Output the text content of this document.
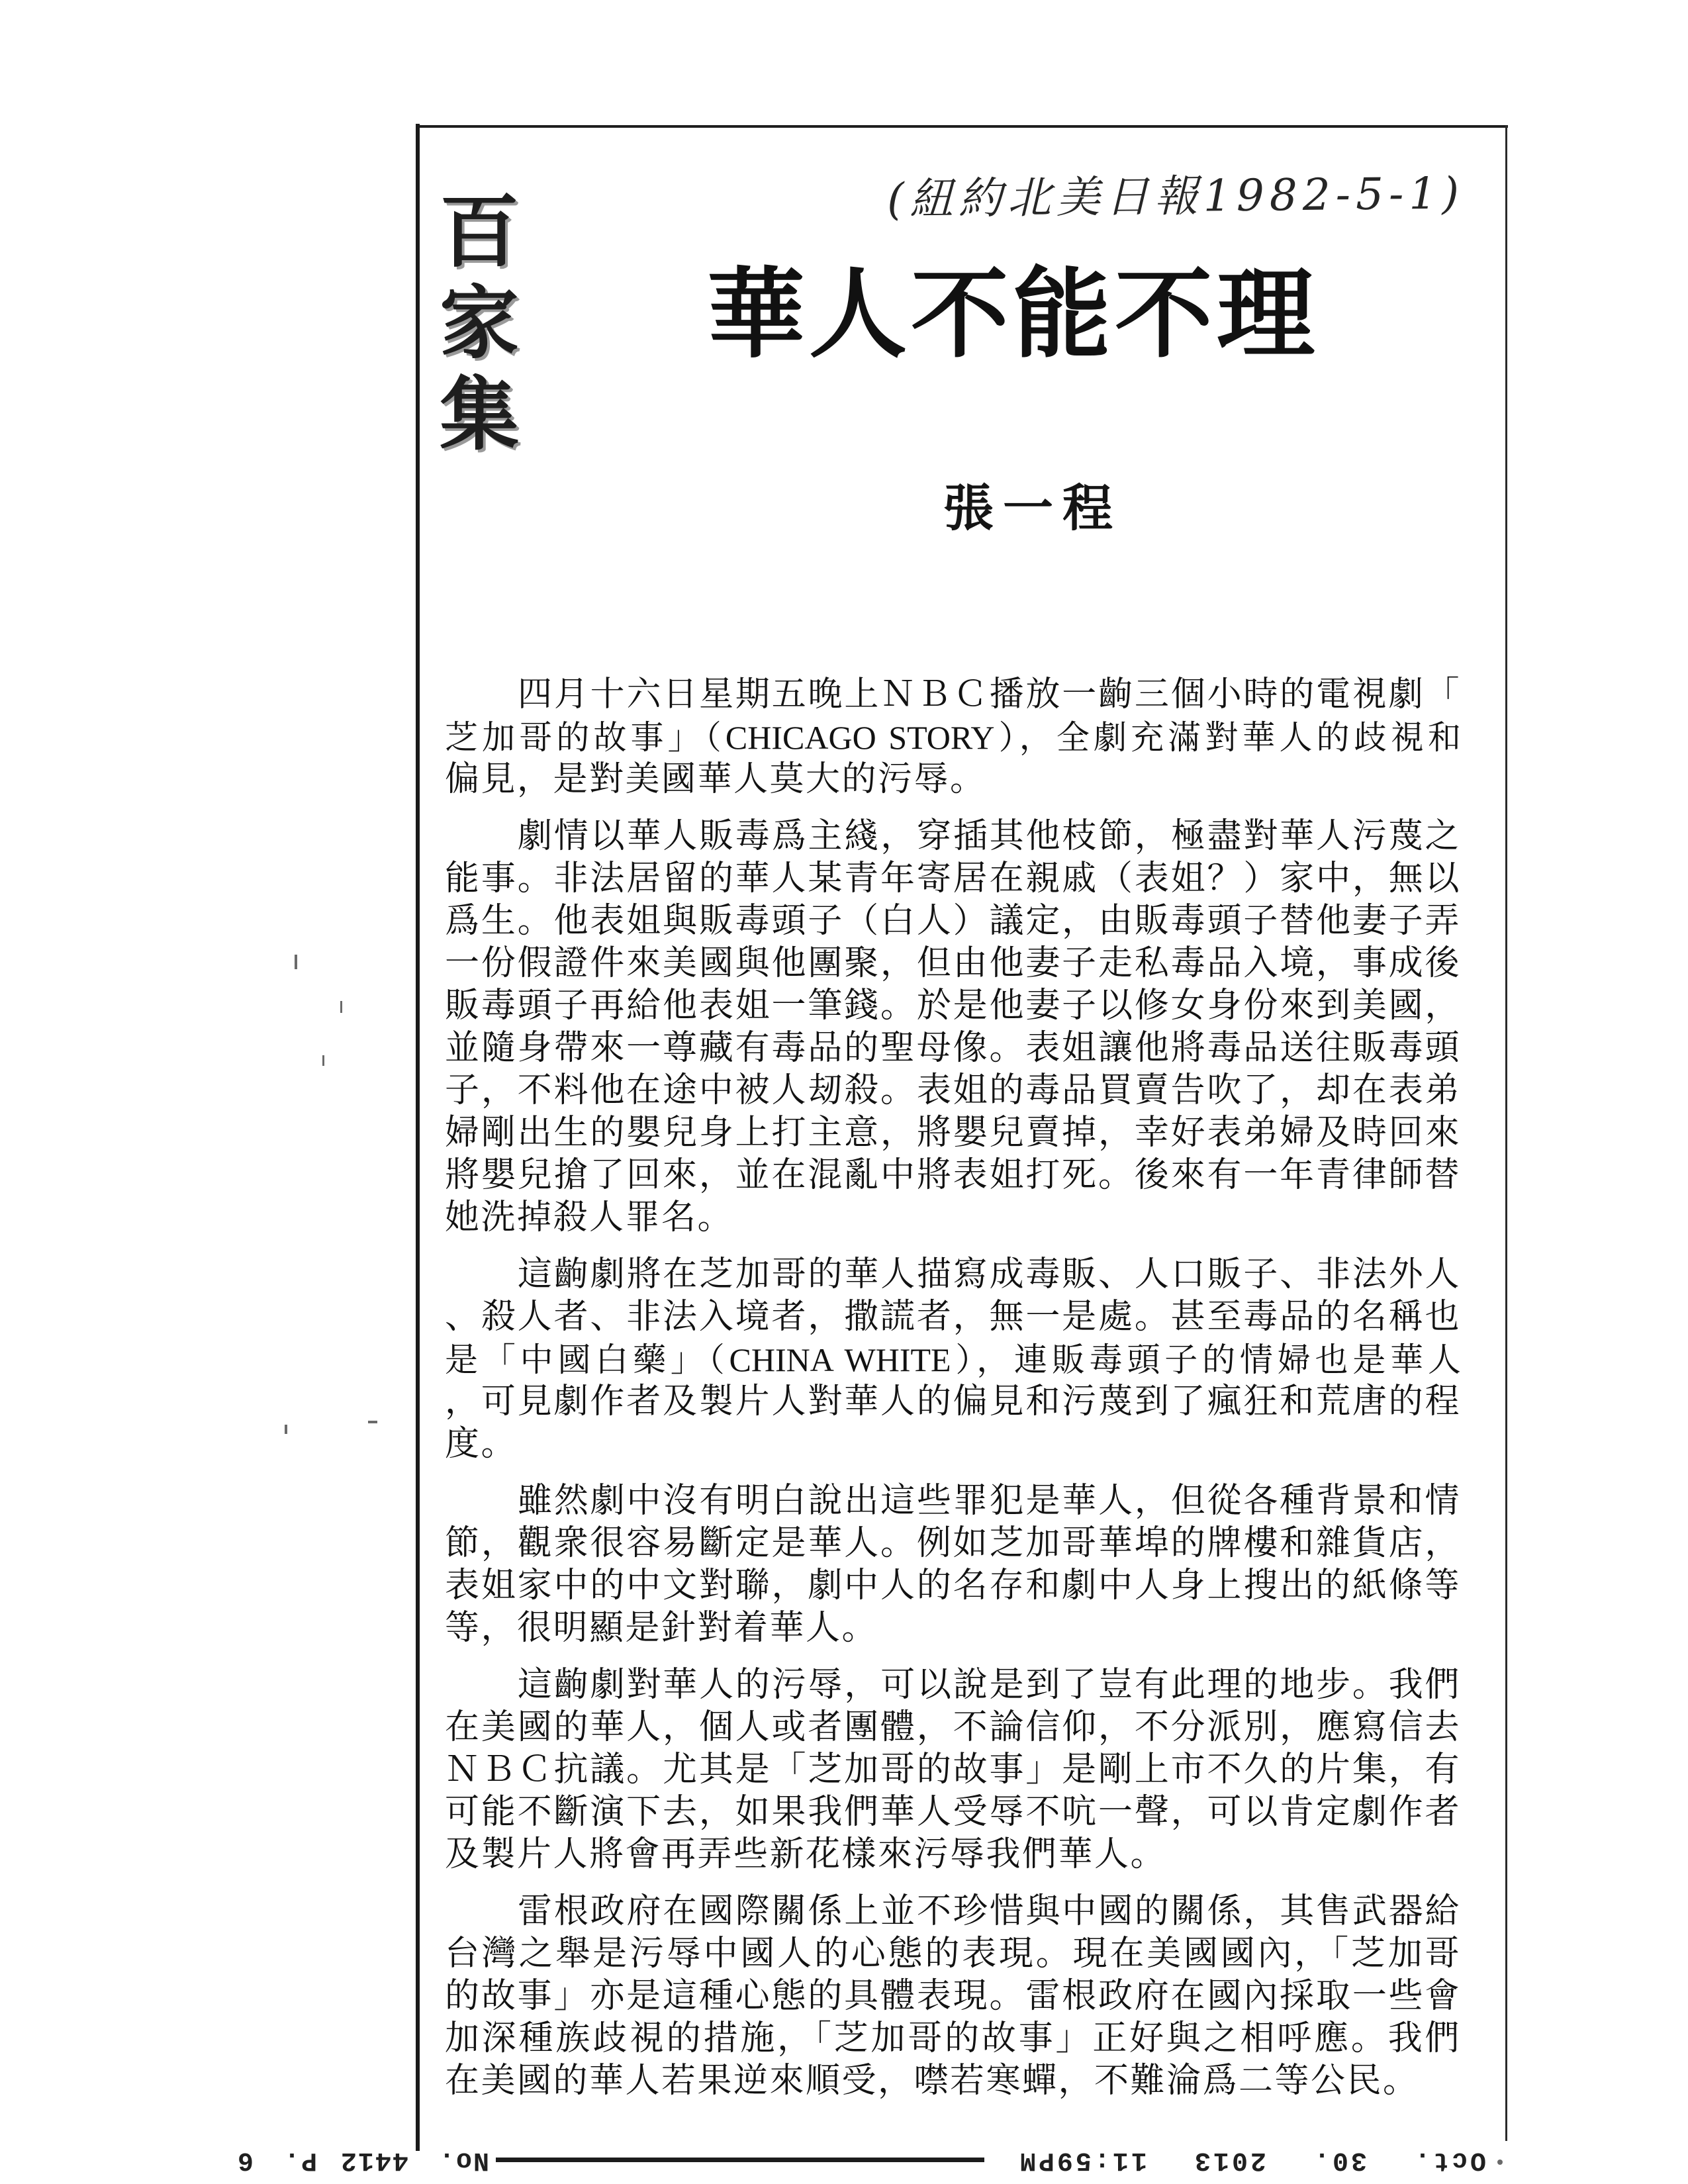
(紐約北美日報1982-5-1)
百家集 華人不能不理
張一程
四月十六日星期五晚上ＮＢＣ播放一齣三個小時的電視劇「
芝加哥的故事」（CHICAGO STORY），全劇充滿對華人的歧視和
偏見，是對美國華人莫大的污辱。
劇情以華人販毒爲主綫，穿插其他枝節，極盡對華人污蔑之
能事。非法居留的華人某青年寄居在親戚（表姐？）家中，無以
爲生。他表姐與販毒頭子（白人）議定，由販毒頭子替他妻子弄
一份假證件來美國與他團聚，但由他妻子走私毒品入境，事成後
販毒頭子再給他表姐一筆錢。於是他妻子以修女身份來到美國，
並隨身帶來一尊藏有毒品的聖母像。表姐讓他將毒品送往販毒頭
子，不料他在途中被人刼殺。表姐的毒品買賣告吹了，却在表弟
婦剛出生的嬰兒身上打主意，將嬰兒賣掉，幸好表弟婦及時回來
將嬰兒搶了回來，並在混亂中將表姐打死。後來有一年青律師替
她洗掉殺人罪名。
這齣劇將在芝加哥的華人描寫成毒販、人口販子、非法外人
、殺人者、非法入境者，撒謊者，無一是處。甚至毒品的名稱也
是「中國白藥」（CHINA WHITE），連販毒頭子的情婦也是華人
，可見劇作者及製片人對華人的偏見和污蔑到了瘋狂和荒唐的程
度。
雖然劇中沒有明白說出這些罪犯是華人，但從各種背景和情
節，觀衆很容易斷定是華人。例如芝加哥華埠的牌樓和雜貨店，
表姐家中的中文對聯，劇中人的名存和劇中人身上搜出的紙條等
等，很明顯是針對着華人。
這齣劇對華人的污辱，可以說是到了豈有此理的地步。我們
在美國的華人，個人或者團體，不論信仰，不分派別，應寫信去
ＮＢＣ抗議。尤其是「芝加哥的故事」是剛上市不久的片集，有
可能不斷演下去，如果我們華人受辱不吭一聲，可以肯定劇作者
及製片人將會再弄些新花樣來污辱我們華人。
雷根政府在國際關係上並不珍惜與中國的關係，其售武器給
台灣之舉是污辱中國人的心態的表現。現在美國國內，「芝加哥
的故事」亦是這種心態的具體表現。雷根政府在國內採取一些會
加深種族歧視的措施，「芝加哥的故事」正好與之相呼應。我們
在美國的華人若果逆來順受，噤若寒蟬，不難淪爲二等公民。
Oct. 30. 2013 11:59PM
No. 4412
P. 6
